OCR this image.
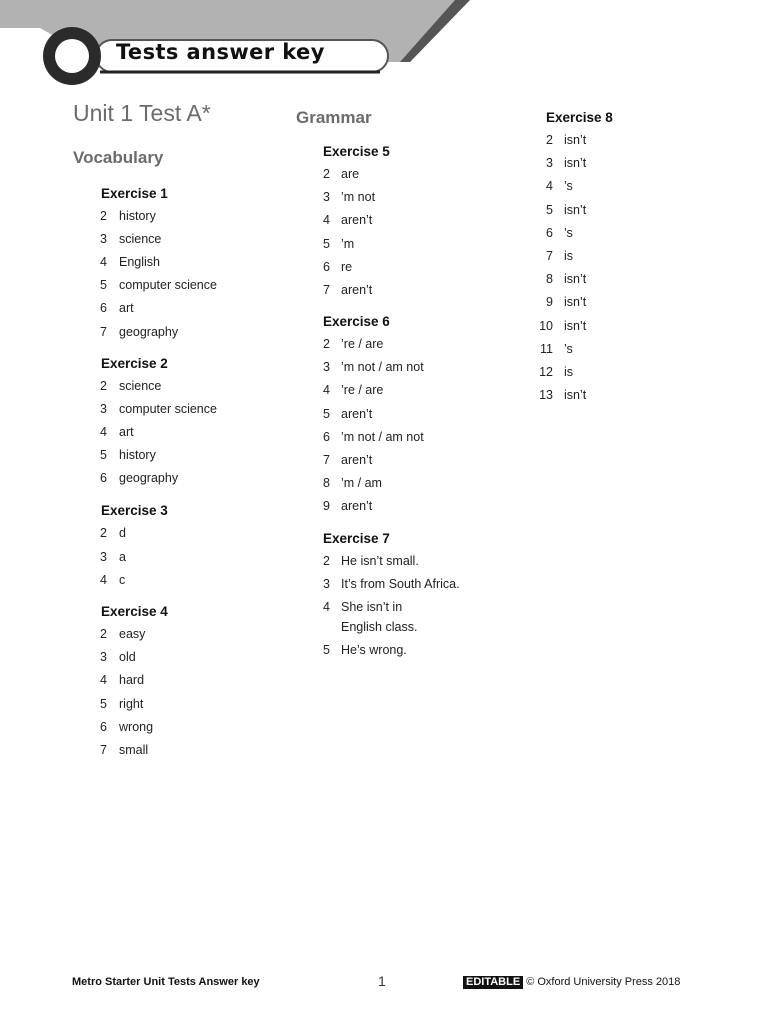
Tests answer key
Unit 1 Test A*
Vocabulary
Grammar
Exercise 1
2 history
3 science
4 English
5 computer science
6 art
7 geography
Exercise 2
2 science
3 computer science
4 art
5 history
6 geography
Exercise 3
2 d
3 a
4 c
Exercise 4
2 easy
3 old
4 hard
5 right
6 wrong
7 small
Exercise 5
2 are
3 ’m not
4 aren’t
5 ’m
6 re
7 aren’t
Exercise 6
2 ’re / are
3 ’m not / am not
4 ’re / are
5 aren’t
6 ’m not / am not
7 aren’t
8 ’m / am
9 aren’t
Exercise 7
2 He isn’t small.
3 It’s from South Africa.
4 She isn’t in
English class.
5 He’s wrong.
Exercise 8
2 isn’t
3 isn’t
4 ’s
5 isn’t
6 ’s
7 is
8 isn’t
9 isn’t
10 isn’t
11 ’s
12 is
13 isn’t
Metro Starter Unit Tests Answer key	1	EDITABLE © Oxford University Press 2018
